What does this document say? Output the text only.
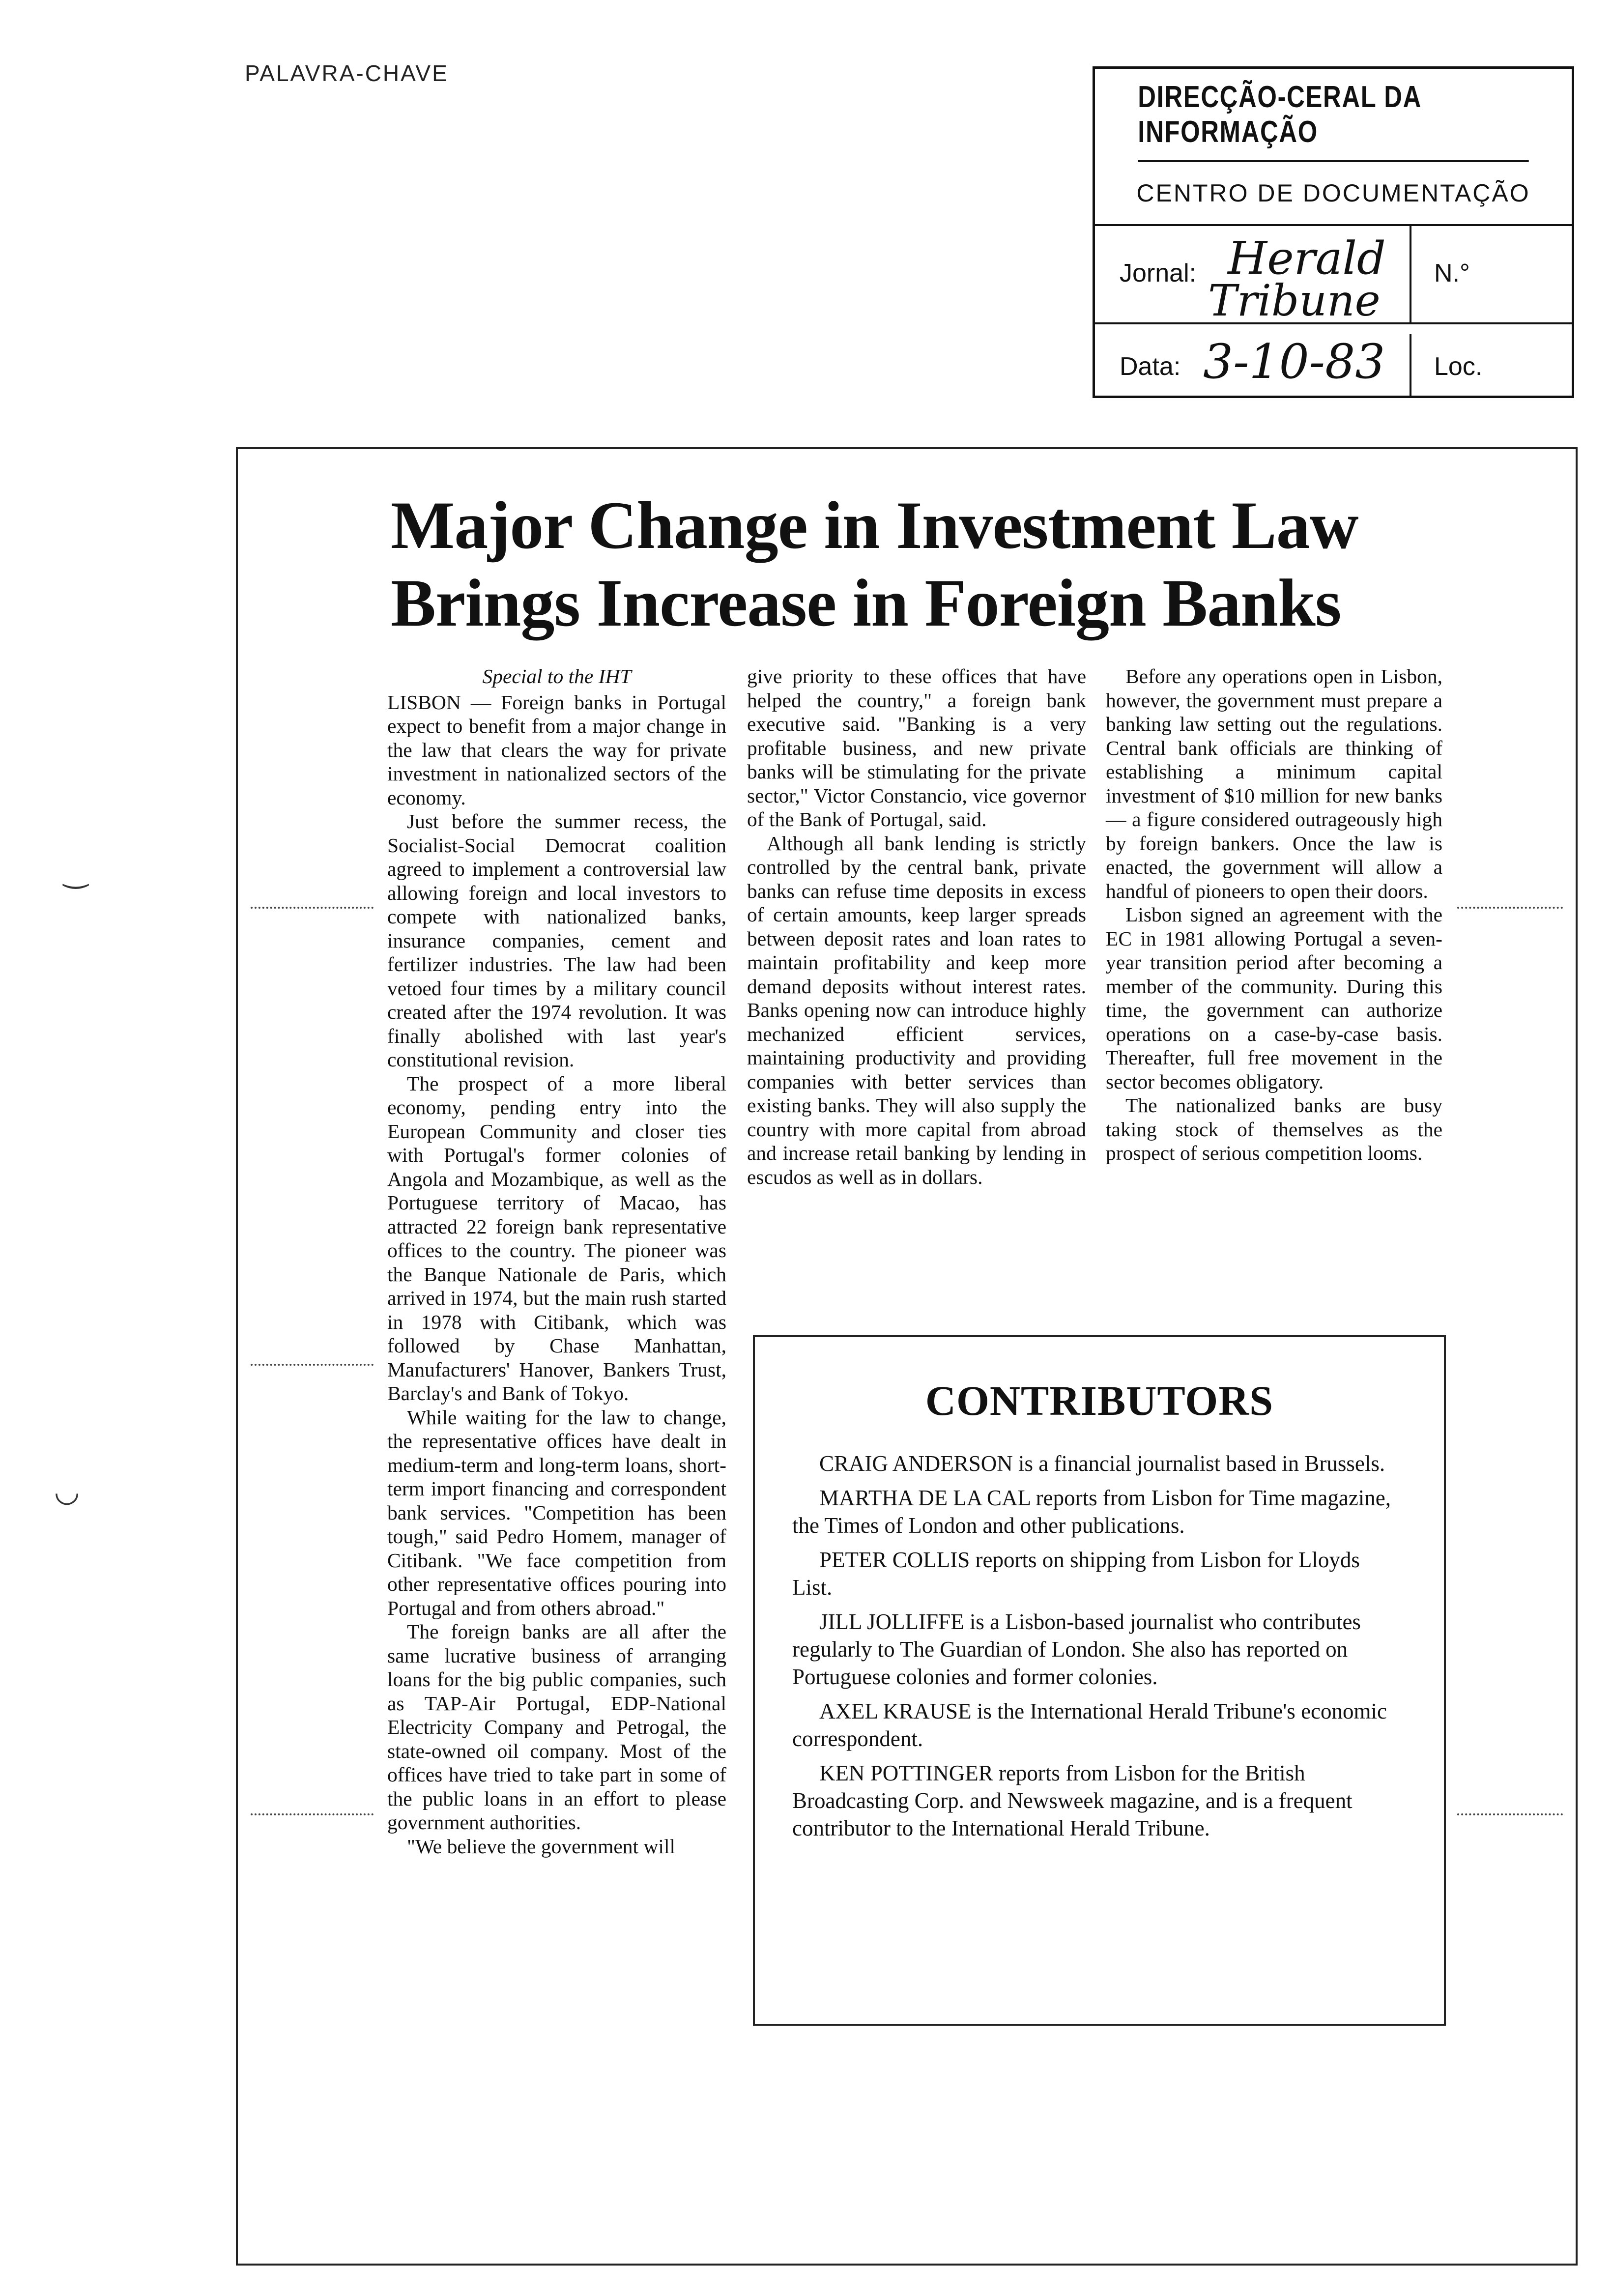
PALAVRA-CHAVE
DIRECÇÃO-CERAL DA INFORMAÇÃO
CENTRO DE DOCUMENTAÇÃO
Jornal: Herald
Tribune
N.°
Data: 3-10-83 Loc.
Major Change in Investment Law
Brings Increase in Foreign Banks

Special to the IHT

LISBON — Foreign banks in Portugal expect to benefit from a major change in the law that clears the way for private investment in nationalized sectors of the economy.

Just before the summer recess, the Socialist-Social Democrat coalition agreed to implement a controversial law allowing foreign and local investors to compete with nationalized banks, insurance companies, cement and fertilizer industries. The law had been vetoed four times by a military council created after the 1974 revolution. It was finally abolished with last year's constitutional revision.

The prospect of a more liberal economy, pending entry into the European Community and closer ties with Portugal's former colonies of Angola and Mozambique, as well as the Portuguese territory of Macao, has attracted 22 foreign bank representative offices to the country. The pioneer was the Banque Nationale de Paris, which arrived in 1974, but the main rush started in 1978 with Citibank, which was followed by Chase Manhattan, Manufacturers' Hanover, Bankers Trust, Barclay's and Bank of Tokyo.

While waiting for the law to change, the representative offices have dealt in medium-term and long-term loans, short-term import financing and correspondent bank services. "Competition has been tough," said Pedro Homem, manager of Citibank. "We face competition from other representative offices pouring into Portugal and from others abroad."

The foreign banks are all after the same lucrative business of arranging loans for the big public companies, such as TAP-Air Portugal, EDP-National Electricity Company and Petrogal, the state-owned oil company. Most of the offices have tried to take part in some of the public loans in an effort to please government authorities.

"We believe the government will

give priority to these offices that have helped the country," a foreign bank executive said. "Banking is a very profitable business, and new private banks will be stimulating for the private sector," Victor Constancio, vice governor of the Bank of Portugal, said.

Although all bank lending is strictly controlled by the central bank, private banks can refuse time deposits in excess of certain amounts, keep larger spreads between deposit rates and loan rates to maintain profitability and keep more demand deposits without interest rates. Banks opening now can introduce highly mechanized efficient services, maintaining productivity and providing companies with better services than existing banks. They will also supply the country with more capital from abroad and increase retail banking by lending in escudos as well as in dollars.

Before any operations open in Lisbon, however, the government must prepare a banking law setting out the regulations. Central bank officials are thinking of establishing a minimum capital investment of $10 million for new banks — a figure considered outrageously high by foreign bankers. Once the law is enacted, the government will allow a handful of pioneers to open their doors.

Lisbon signed an agreement with the EC in 1981 allowing Portugal a seven-year transition period after becoming a member of the community. During this time, the government can authorize operations on a case-by-case basis. Thereafter, full free movement in the sector becomes obligatory.

The nationalized banks are busy taking stock of themselves as the prospect of serious competition looms.

‿
◡
CONTRIBUTORS

CRAIG ANDERSON is a financial journalist based in Brussels.

MARTHA DE LA CAL reports from Lisbon for Time magazine, the Times of London and other publications.

PETER COLLIS reports on shipping from Lisbon for Lloyds List.

JILL JOLLIFFE is a Lisbon-based journalist who contributes regularly to The Guardian of London. She also has reported on Portuguese colonies and former colonies.

AXEL KRAUSE is the International Herald Tribune's economic correspondent.

KEN POTTINGER reports from Lisbon for the British Broadcasting Corp. and Newsweek magazine, and is a frequent contributor to the International Herald Tribune.
